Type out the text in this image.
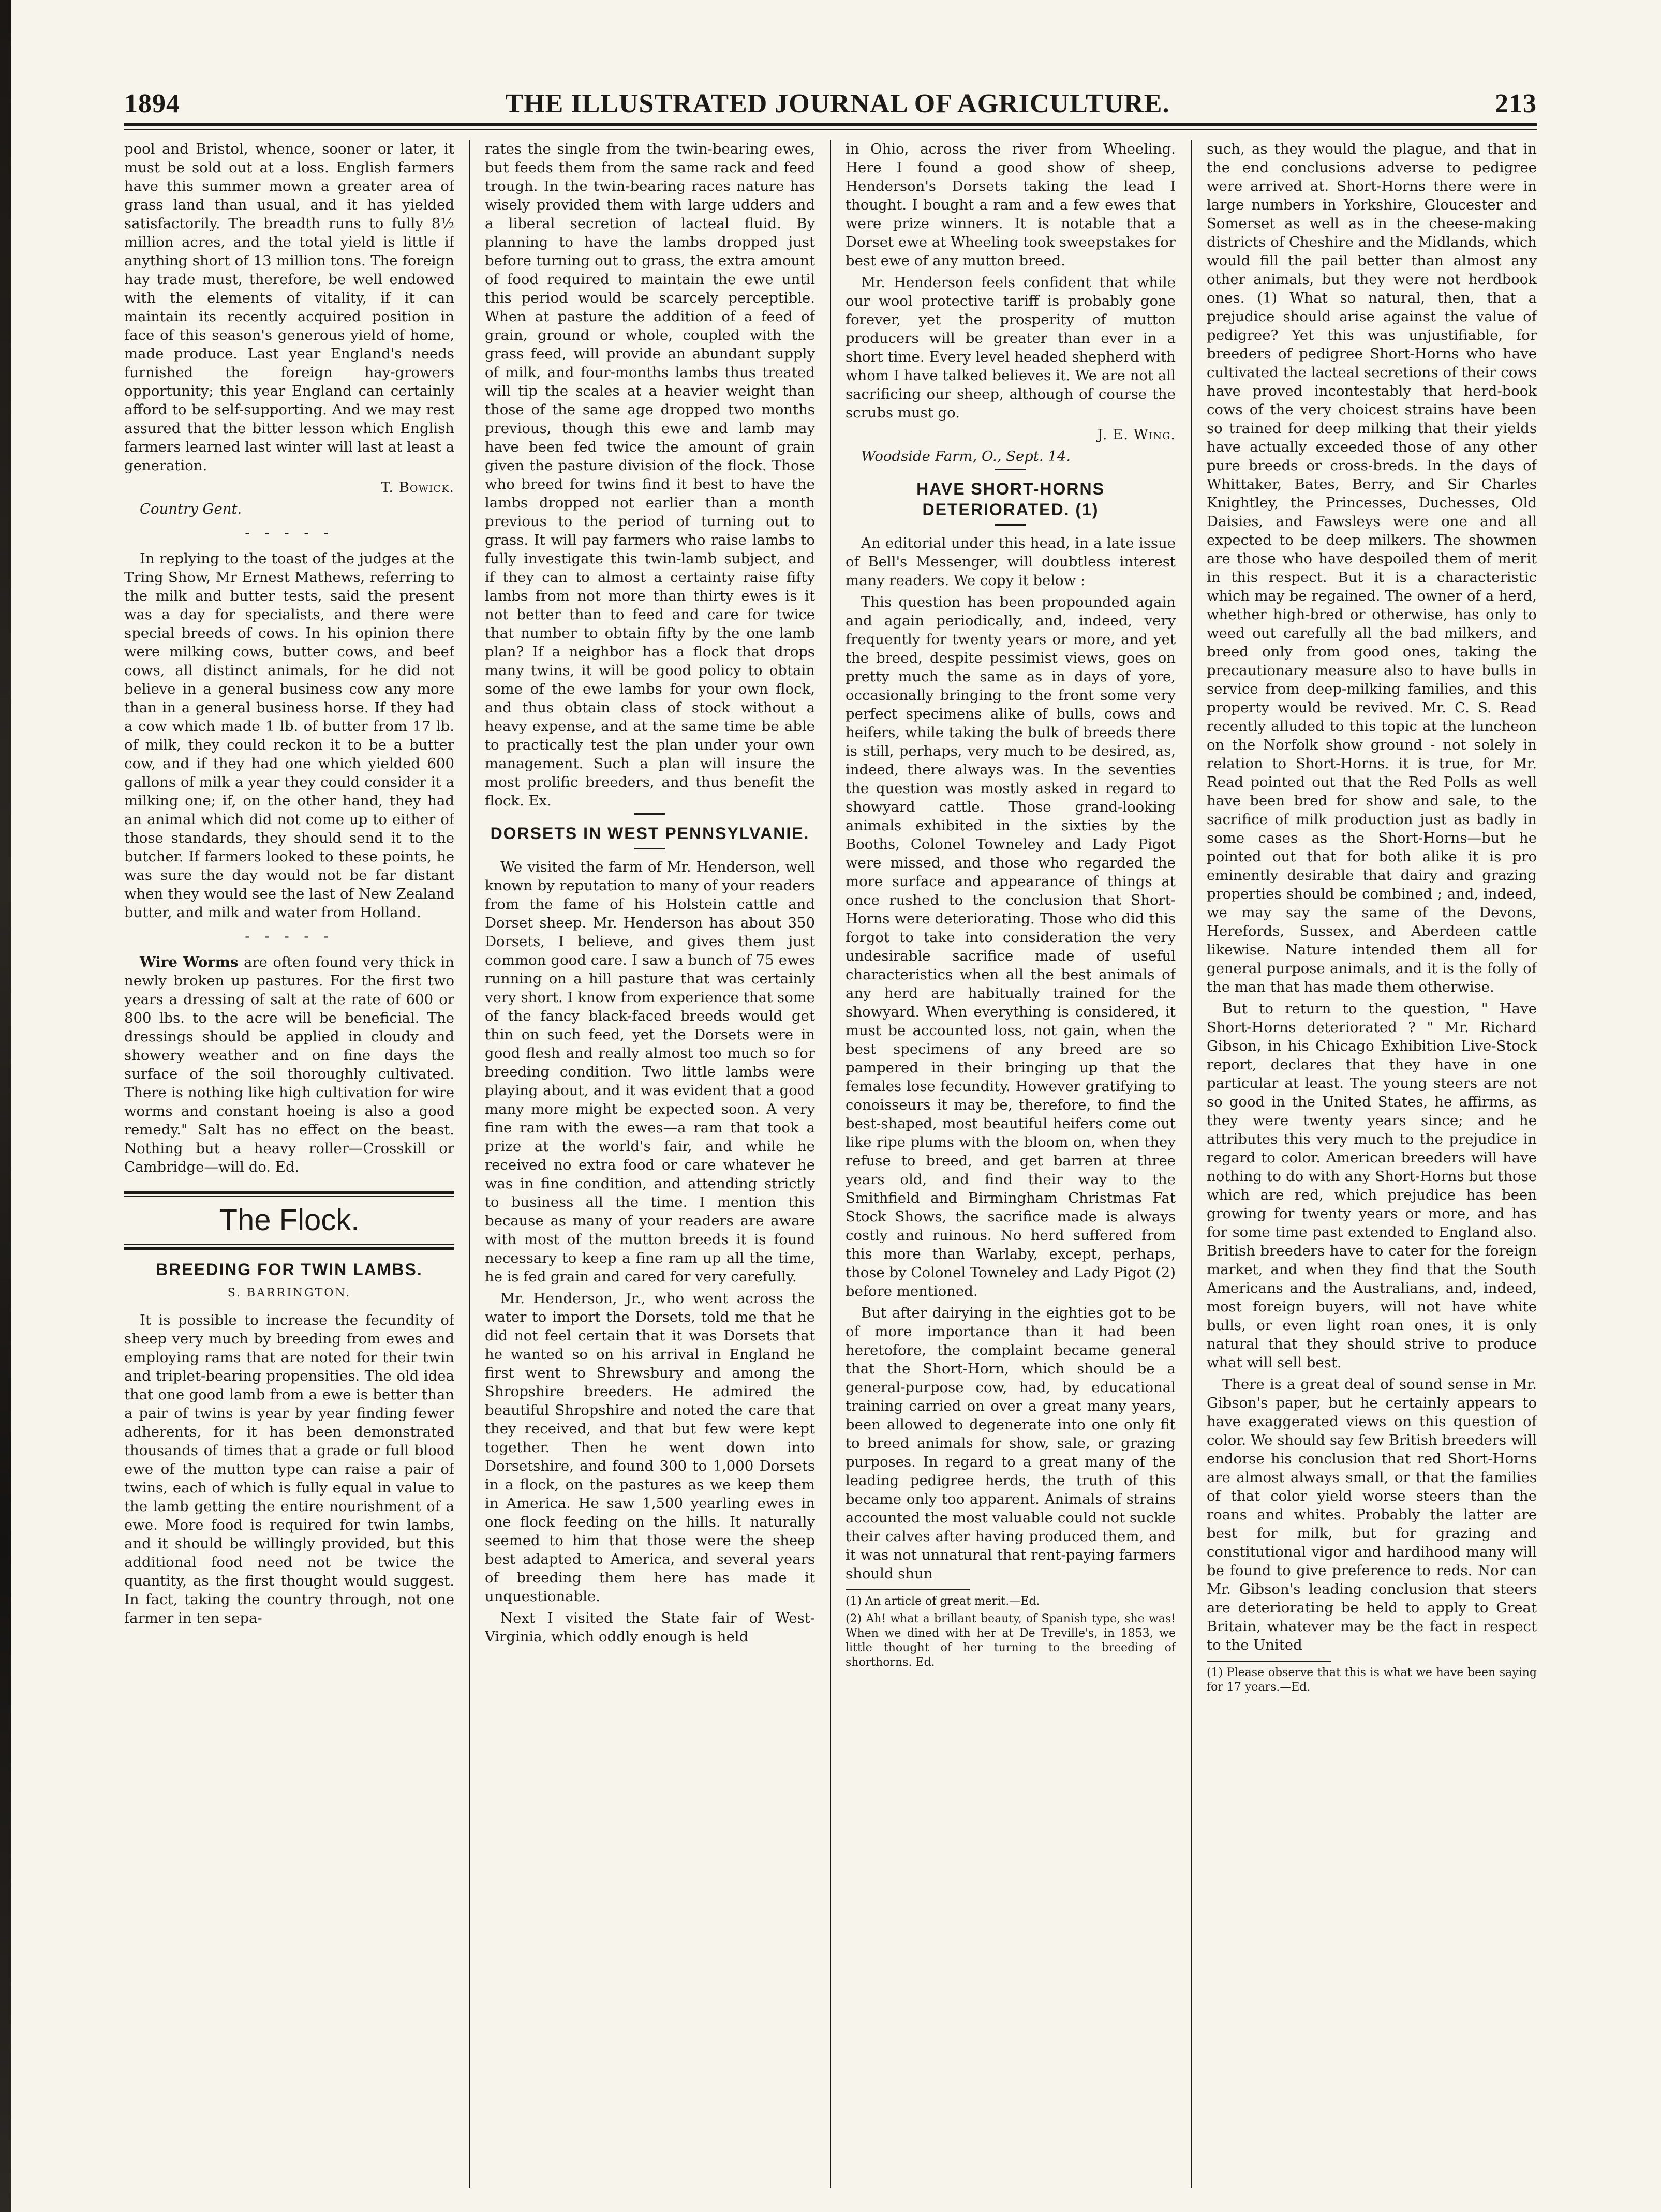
1894	THE ILLUSTRATED JOURNAL OF AGRICULTURE.	213

pool and Bristol, whence, sooner or later, it must be sold out at a loss. English farmers have this summer mown a greater area of grass land than usual, and it has yielded satisfactorily. The breadth runs to fully 8½ million acres, and the total yield is little if anything short of 13 million tons. The foreign hay trade must, therefore, be well endowed with the elements of vitality, if it can maintain its recently acquired position in face of this season's generous yield of home, made produce. Last year England's needs furnished the foreign hay-growers opportunity; this year England can certainly afford to be self-supporting. And we may rest assured that the bitter lesson which English farmers learned last winter will last at least a generation.

T. Bowick.

Country Gent.

- - - - -

In replying to the toast of the judges at the Tring Show, Mr Ernest Mathews, referring to the milk and butter tests, said the present was a day for specialists, and there were special breeds of cows. In his opinion there were milking cows, butter cows, and beef cows, all distinct animals, for he did not believe in a general business cow any more than in a general business horse. If they had a cow which made 1 lb. of butter from 17 lb. of milk, they could reckon it to be a butter cow, and if they had one which yielded 600 gallons of milk a year they could consider it a milking one; if, on the other hand, they had an animal which did not come up to either of those standards, they should send it to the butcher. If farmers looked to these points, he was sure the day would not be far distant when they would see the last of New Zealand butter, and milk and water from Holland.

- - - - -

Wire Worms are often found very thick in newly broken up pastures. For the first two years a dressing of salt at the rate of 600 or 800 lbs. to the acre will be beneficial. The dressings should be applied in cloudy and showery weather and on fine days the surface of the soil thoroughly cultivated. There is nothing like high cultivation for wire worms and constant hoeing is also a good remedy." Salt has no effect on the beast. Nothing but a heavy roller—Crosskill or Cambridge—will do. Ed.

The Flock.
BREEDING FOR TWIN LAMBS.
S. BARRINGTON.

It is possible to increase the fecundity of sheep very much by breeding from ewes and employing rams that are noted for their twin and triplet-bearing propensities. The old idea that one good lamb from a ewe is better than a pair of twins is year by year finding fewer adherents, for it has been demonstrated thousands of times that a grade or full blood ewe of the mutton type can raise a pair of twins, each of which is fully equal in value to the lamb getting the entire nourishment of a ewe. More food is required for twin lambs, and it should be willingly provided, but this additional food need not be twice the quantity, as the first thought would suggest. In fact, taking the country through, not one farmer in ten sepa-

rates the single from the twin-bearing ewes, but feeds them from the same rack and feed trough. In the twin-bearing races nature has wisely provided them with large udders and a liberal secretion of lacteal fluid. By planning to have the lambs dropped just before turning out to grass, the extra amount of food required to maintain the ewe until this period would be scarcely perceptible. When at pasture the addition of a feed of grain, ground or whole, coupled with the grass feed, will provide an abundant supply of milk, and four-months lambs thus treated will tip the scales at a heavier weight than those of the same age dropped two months previous, though this ewe and lamb may have been fed twice the amount of grain given the pasture division of the flock. Those who breed for twins find it best to have the lambs dropped not earlier than a month previous to the period of turning out to grass. It will pay farmers who raise lambs to fully investigate this twin-lamb subject, and if they can to almost a certainty raise fifty lambs from not more than thirty ewes is it not better than to feed and care for twice that number to obtain fifty by the one lamb plan? If a neighbor has a flock that drops many twins, it will be good policy to obtain some of the ewe lambs for your own flock, and thus obtain class of stock without a heavy expense, and at the same time be able to practically test the plan under your own management. Such a plan will insure the most prolific breeders, and thus benefit the flock. Ex.

DORSETS IN WEST PENNSYLVANIE.

We visited the farm of Mr. Henderson, well known by reputation to many of your readers from the fame of his Holstein cattle and Dorset sheep. Mr. Henderson has about 350 Dorsets, I believe, and gives them just common good care. I saw a bunch of 75 ewes running on a hill pasture that was certainly very short. I know from experience that some of the fancy black-faced breeds would get thin on such feed, yet the Dorsets were in good flesh and really almost too much so for breeding condition. Two little lambs were playing about, and it was evident that a good many more might be expected soon. A very fine ram with the ewes—a ram that took a prize at the world's fair, and while he received no extra food or care whatever he was in fine condition, and attending strictly to business all the time. I mention this because as many of your readers are aware with most of the mutton breeds it is found necessary to keep a fine ram up all the time, he is fed grain and cared for very carefully.

Mr. Henderson, Jr., who went across the water to import the Dorsets, told me that he did not feel certain that it was Dorsets that he wanted so on his arrival in England he first went to Shrewsbury and among the Shropshire breeders. He admired the beautiful Shropshire and noted the care that they received, and that but few were kept together. Then he went down into Dorsetshire, and found 300 to 1,000 Dorsets in a flock, on the pastures as we keep them in America. He saw 1,500 yearling ewes in one flock feeding on the hills. It naturally seemed to him that those were the sheep best adapted to America, and several years of breeding them here has made it unquestionable.

Next I visited the State fair of West-Virginia, which oddly enough is held

in Ohio, across the river from Wheeling. Here I found a good show of sheep, Henderson's Dorsets taking the lead I thought. I bought a ram and a few ewes that were prize winners. It is notable that a Dorset ewe at Wheeling took sweepstakes for best ewe of any mutton breed.

Mr. Henderson feels confident that while our wool protective tariff is probably gone forever, yet the prosperity of mutton producers will be greater than ever in a short time. Every level headed shepherd with whom I have talked believes it. We are not all sacrificing our sheep, although of course the scrubs must go.

J. E. Wing.

Woodside Farm, O., Sept. 14.

HAVE SHORT-HORNS DETERIORATED. (1)

An editorial under this head, in a late issue of Bell's Messenger, will doubtless interest many readers. We copy it below :

This question has been propounded again and again periodically, and, indeed, very frequently for twenty years or more, and yet the breed, despite pessimist views, goes on pretty much the same as in days of yore, occasionally bringing to the front some very perfect specimens alike of bulls, cows and heifers, while taking the bulk of breeds there is still, perhaps, very much to be desired, as, indeed, there always was. In the seventies the question was mostly asked in regard to showyard cattle. Those grand-looking animals exhibited in the sixties by the Booths, Colonel Towneley and Lady Pigot were missed, and those who regarded the more surface and appearance of things at once rushed to the conclusion that Short-Horns were deteriorating. Those who did this forgot to take into consideration the very undesirable sacrifice made of useful characteristics when all the best animals of any herd are habitually trained for the showyard. When everything is considered, it must be accounted loss, not gain, when the best specimens of any breed are so pampered in their bringing up that the females lose fecundity. However gratifying to conoisseurs it may be, therefore, to find the best-shaped, most beautiful heifers come out like ripe plums with the bloom on, when they refuse to breed, and get barren at three years old, and find their way to the Smithfield and Birmingham Christmas Fat Stock Shows, the sacrifice made is always costly and ruinous. No herd suffered from this more than Warlaby, except, perhaps, those by Colonel Towneley and Lady Pigot (2) before mentioned.

But after dairying in the eighties got to be of more importance than it had been heretofore, the complaint became general that the Short-Horn, which should be a general-purpose cow, had, by educational training carried on over a great many years, been allowed to degenerate into one only fit to breed animals for show, sale, or grazing purposes. In regard to a great many of the leading pedigree herds, the truth of this became only too apparent. Animals of strains accounted the most valuable could not suckle their calves after having produced them, and it was not unnatural that rent-paying farmers should shun

(1) An article of great merit.—Ed.

(2) Ah! what a brillant beauty, of Spanish type, she was! When we dined with her at De Treville's, in 1853, we little thought of her turning to the breeding of shorthorns. Ed.

such, as they would the plague, and that in the end conclusions adverse to pedigree were arrived at. Short-Horns there were in large numbers in Yorkshire, Gloucester and Somerset as well as in the cheese-making districts of Cheshire and the Midlands, which would fill the pail better than almost any other animals, but they were not herdbook ones. (1) What so natural, then, that a prejudice should arise against the value of pedigree? Yet this was unjustifiable, for breeders of pedigree Short-Horns who have cultivated the lacteal secretions of their cows have proved incontestably that herd-book cows of the very choicest strains have been so trained for deep milking that their yields have actually exceeded those of any other pure breeds or cross-breds. In the days of Whittaker, Bates, Berry, and Sir Charles Knightley, the Princesses, Duchesses, Old Daisies, and Fawsleys were one and all expected to be deep milkers. The showmen are those who have despoiled them of merit in this respect. But it is a characteristic which may be regained. The owner of a herd, whether high-bred or otherwise, has only to weed out carefully all the bad milkers, and breed only from good ones, taking the precautionary measure also to have bulls in service from deep-milking families, and this property would be revived. Mr. C. S. Read recently alluded to this topic at the luncheon on the Norfolk show ground - not solely in relation to Short-Horns. it is true, for Mr. Read pointed out that the Red Polls as well have been bred for show and sale, to the sacrifice of milk production just as badly in some cases as the Short-Horns—but he pointed out that for both alike it is pro eminently desirable that dairy and grazing properties should be combined ; and, indeed, we may say the same of the Devons, Herefords, Sussex, and Aberdeen cattle likewise. Nature intended them all for general purpose animals, and it is the folly of the man that has made them otherwise.

But to return to the question, " Have Short-Horns deteriorated ? " Mr. Richard Gibson, in his Chicago Exhibition Live-Stock report, declares that they have in one particular at least. The young steers are not so good in the United States, he affirms, as they were twenty years since; and he attributes this very much to the prejudice in regard to color. American breeders will have nothing to do with any Short-Horns but those which are red, which prejudice has been growing for twenty years or more, and has for some time past extended to England also. British breeders have to cater for the foreign market, and when they find that the South Americans and the Australians, and, indeed, most foreign buyers, will not have white bulls, or even light roan ones, it is only natural that they should strive to produce what will sell best.

There is a great deal of sound sense in Mr. Gibson's paper, but he certainly appears to have exaggerated views on this question of color. We should say few British breeders will endorse his conclusion that red Short-Horns are almost always small, or that the families of that color yield worse steers than the roans and whites. Probably the latter are best for milk, but for grazing and constitutional vigor and hardihood many will be found to give preference to reds. Nor can Mr. Gibson's leading conclusion that steers are deteriorating be held to apply to Great Britain, whatever may be the fact in respect to the United

(1) Please observe that this is what we have been saying for 17 years.—Ed.
